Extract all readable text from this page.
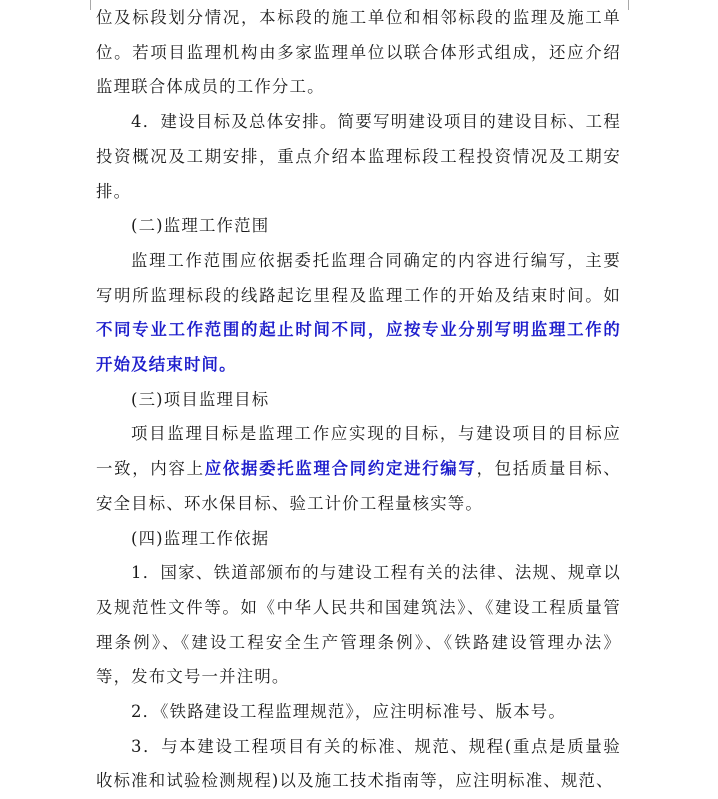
位及标段划分情况，本标段的施工单位和相邻标段的监理及施工单位。若项目监理机构由多家监理单位以联合体形式组成，还应介绍监理联合体成员的工作分工。

4．建设目标及总体安排。简要写明建设项目的建设目标、工程投资概况及工期安排，重点介绍本监理标段工程投资情况及工期安排。

(二)监理工作范围

监理工作范围应依据委托监理合同确定的内容进行编写，主要写明所监理标段的线路起讫里程及监理工作的开始及结束时间。如不同专业工作范围的起止时间不同，应按专业分别写明监理工作的开始及结束时间。

(三)项目监理目标

项目监理目标是监理工作应实现的目标，与建设项目的目标应一致，内容上应依据委托监理合同约定进行编写，包括质量目标、安全目标、环水保目标、验工计价工程量核实等。

(四)监理工作依据

1．国家、铁道部颁布的与建设工程有关的法律、法规、规章以及规范性文件等。如《中华人民共和国建筑法》、《建设工程质量管理条例》、《建设工程安全生产管理条例》、《铁路建设管理办法》等，发布文号一并注明。

2．《铁路建设工程监理规范》，应注明标准号、版本号。

3．与本建设工程项目有关的标准、规范、规程(重点是质量验收标准和试验检测规程)以及施工技术指南等，应注明标准、规范、
